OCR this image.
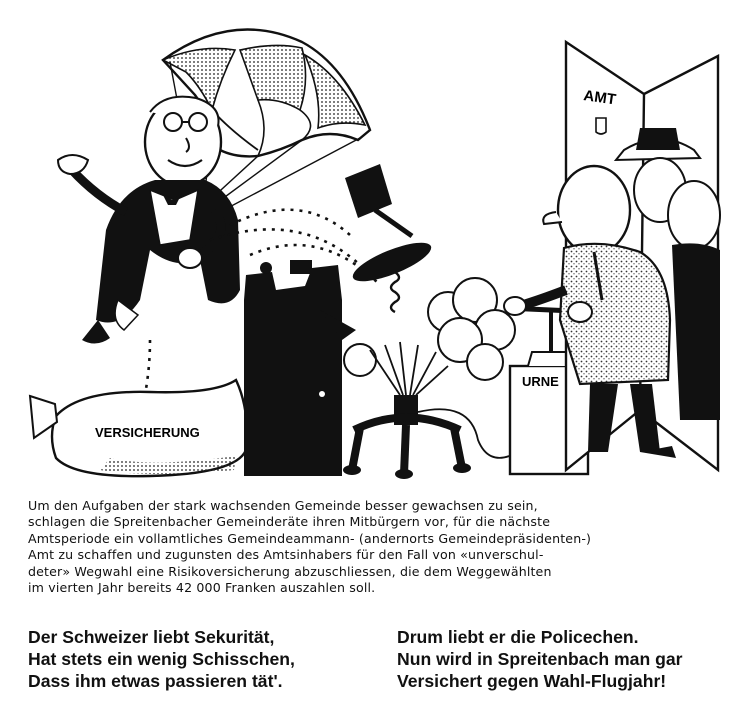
VERSICHERUNG
URNE
AMT

Um den Aufgaben der stark wachsenden Gemeinde besser gewachsen zu sein,
schlagen die Spreitenbacher Gemeinderäte ihren Mitbürgern vor, für die nächste
Amtsperiode ein vollamtliches Gemeindeammann- (andernorts Gemeindepräsidenten-)
Amt zu schaffen und zugunsten des Amtsinhabers für den Fall von «unverschul-
deter» Wegwahl eine Risikoversicherung abzuschliessen, die dem Weggewählten
im vierten Jahr bereits 42 000 Franken auszahlen soll.

Der Schweizer liebt Sekurität,
Hat stets ein wenig Schisschen,
Dass ihm etwas passieren tät'.

Drum liebt er die Policechen.
Nun wird in Spreitenbach man gar
Versichert gegen Wahl-Flugjahr!
